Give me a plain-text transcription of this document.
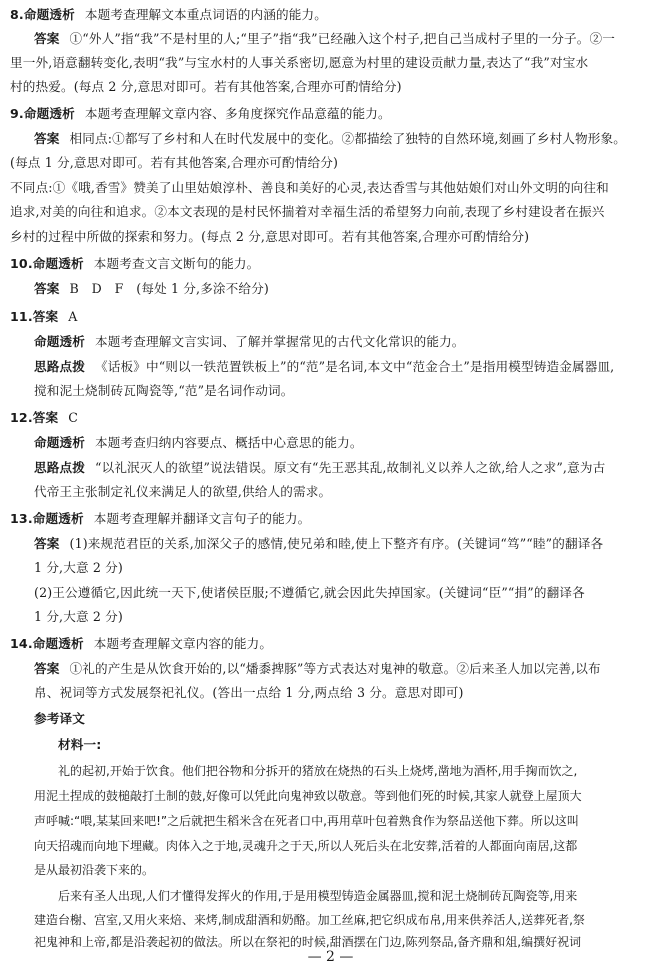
8.命题透析 本题考查理解文本重点词语的内涵的能力。
答案 ①“外人”指“我”不是村里的人;“里子”指“我”已经融入这个村子,把自己当成村子里的一分子。②一
里一外,语意翻转变化,表明“我”与宝水村的人事关系密切,愿意为村里的建设贡献力量,表达了“我”对宝水
村的热爱。(每点 2 分,意思对即可。若有其他答案,合理亦可酌情给分)
9.命题透析 本题考查理解文章内容、多角度探究作品意蕴的能力。
答案 相同点:①都写了乡村和人在时代发展中的变化。②都描绘了独特的自然环境,刻画了乡村人物形象。
(每点 1 分,意思对即可。若有其他答案,合理亦可酌情给分)
不同点:①《哦,香雪》赞美了山里姑娘淳朴、善良和美好的心灵,表达香雪与其他姑娘们对山外文明的向往和
追求,对美的向往和追求。②本文表现的是村民怀揣着对幸福生活的希望努力向前,表现了乡村建设者在振兴
乡村的过程中所做的探索和努力。(每点 2 分,意思对即可。若有其他答案,合理亦可酌情给分)
10.命题透析 本题考查文言文断句的能力。
答案 B　D　F　(每处 1 分,多涂不给分)
11.答案 A
命题透析 本题考查理解文言实词、了解并掌握常见的古代文化常识的能力。
思路点拨 《话板》中“则以一铁范置铁板上”的“范”是名词,本文中“范金合土”是指用模型铸造金属器皿,
搅和泥土烧制砖瓦陶瓷等,“范”是名词作动词。
12.答案 C
命题透析 本题考查归纳内容要点、概括中心意思的能力。
思路点拨 “以礼泯灭人的欲望”说法错误。原文有“先王恶其乱,故制礼义以养人之欲,给人之求”,意为古
代帝王主张制定礼仪来满足人的欲望,供给人的需求。
13.命题透析 本题考查理解并翻译文言句子的能力。
答案 (1)来规范君臣的关系,加深父子的感情,使兄弟和睦,使上下整齐有序。(关键词“笃”“睦”的翻译各
1 分,大意 2 分)
(2)王公遵循它,因此统一天下,使诸侯臣服;不遵循它,就会因此失掉国家。(关键词“臣”“捐”的翻译各
1 分,大意 2 分)
14.命题透析 本题考查理解文章内容的能力。
答案 ①礼的产生是从饮食开始的,以“燔黍捭豚”等方式表达对鬼神的敬意。②后来圣人加以完善,以布
帛、祝词等方式发展祭祀礼仪。(答出一点给 1 分,两点给 3 分。意思对即可)
参考译文
材料一:
礼的起初,开始于饮食。他们把谷物和分拆开的猪放在烧热的石头上烧烤,凿地为酒杯,用手掬而饮之,
用泥土捏成的鼓槌敲打土制的鼓,好像可以凭此向鬼神致以敬意。等到他们死的时候,其家人就登上屋顶大
声呼喊:“喂,某某回来吧!”之后就把生稻米含在死者口中,再用草叶包着熟食作为祭品送他下葬。所以这叫
向天招魂而向地下埋藏。肉体入之于地,灵魂升之于天,所以人死后头在北安葬,活着的人都面向南居,这都
是从最初沿袭下来的。
后来有圣人出现,人们才懂得发挥火的作用,于是用模型铸造金属器皿,搅和泥土烧制砖瓦陶瓷等,用来
建造台榭、宫室,又用火来焙、来烤,制成甜酒和奶酪。加工丝麻,把它织成布帛,用来供养活人,送葬死者,祭
祀鬼神和上帝,都是沿袭起初的做法。所以在祭祀的时候,甜酒摆在门边,陈列祭品,备齐鼎和俎,编撰好祝词
— 2 —
